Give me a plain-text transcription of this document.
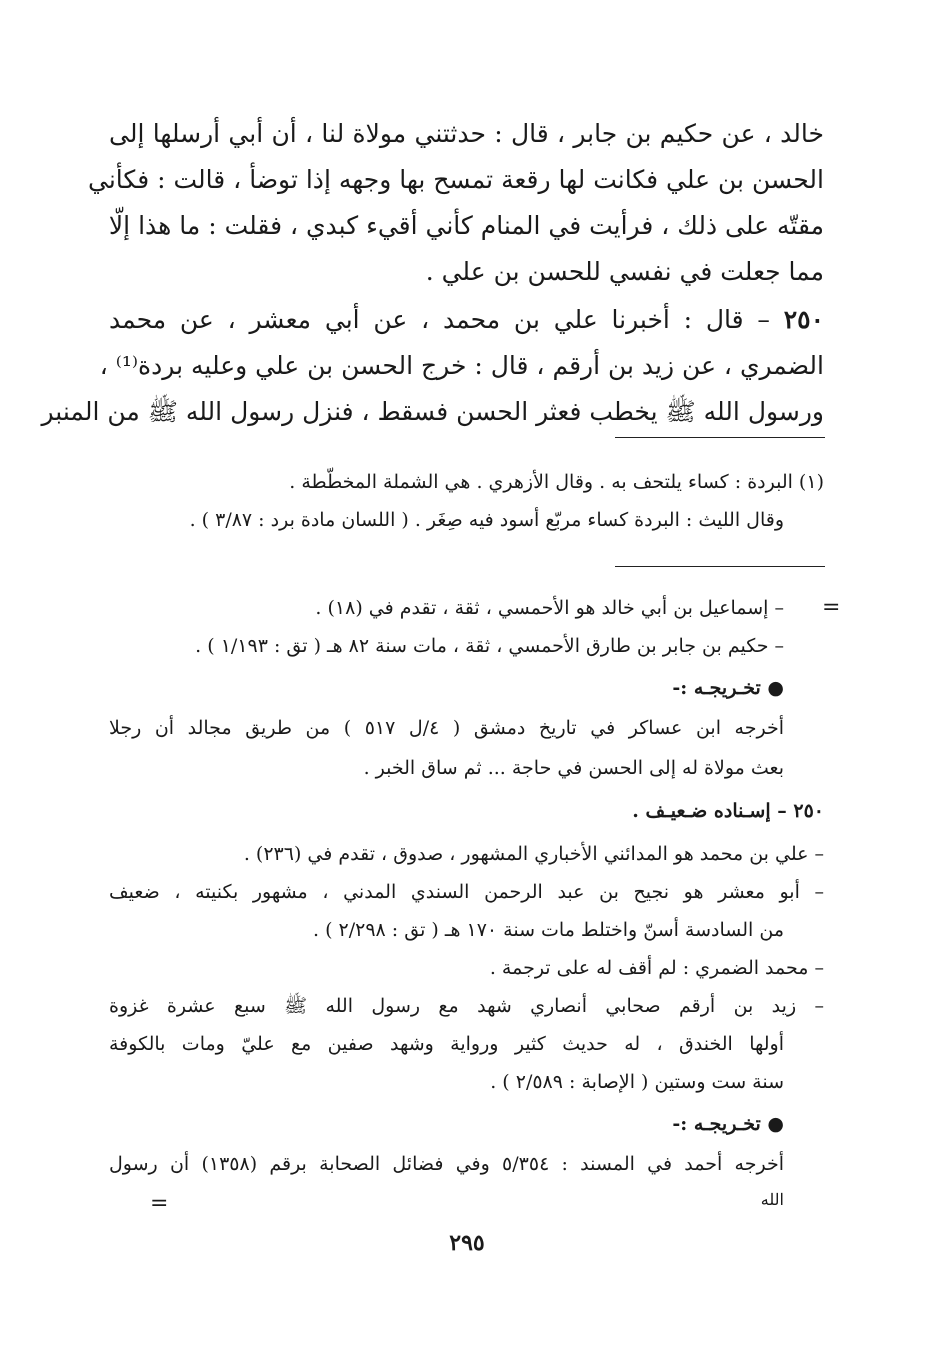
خالد ، عن حكيم بن جابر ، قال : حدثتني مولاة لنا ، أن أبي أرسلها إلى
الحسن بن علي فكانت لها رقعة تمسح بها وجهه إذا توضأ ، قالت : فكأني
مقتّه على ذلك ، فرأيت في المنام كأني أقيء كبدي ، فقلت : ما هذا إلّا
مما جعلت في نفسي للحسن بن علي .
٢٥٠ – قال : أخبرنا علي بن محمد ، عن أبي معشر ، عن محمد
الضمري ، عن زيد بن أرقم ، قال : خرج الحسن بن علي وعليه بردة⁽¹⁾ ،
ورسول الله ﷺ يخطب فعثر الحسن فسقط ، فنزل رسول الله ﷺ من المنبر
(١) البردة : كساء يلتحف به . وقال الأزهري . هي الشملة المخطّطة .
وقال الليث : البردة كساء مربّع أسود فيه صِغَر . ( اللسان مادة برد : ٣/٨٧ ) .
=
– إسماعيل بن أبي خالد هو الأحمسي ، ثقة ، تقدم في (١٨) .
– حكيم بن جابر بن طارق الأحمسي ، ثقة ، مات سنة ٨٢ هـ ( تق : ١/١٩٣ ) .
● تخـريجـه :-
أخرجه ابن عساكر في تاريخ دمشق ( ٤/ل ٥١٧ ) من طريق مجالد أن رجلا
بعث مولاة له إلى الحسن في حاجة ... ثم ساق الخبر .
٢٥٠ – إسـناده ضـعيـف .
– علي بن محمد هو المدائني الأخباري المشهور ، صدوق ، تقدم في (٢٣٦) .
– أبو معشر هو نجيح بن عبد الرحمن السندي المدني ، مشهور بكنيته ، ضعيف
من السادسة أسنّ واختلط مات سنة ١٧٠ هـ ( تق : ٢/٢٩٨ ) .
– محمد الضمري : لم أقف له على ترجمة .
– زيد بن أرقم صحابي أنصاري شهد مع رسول الله ﷺ سبع عشرة غزوة
أولها الخندق ، له حديث كثير ورواية وشهد صفين مع عليّ ومات بالكوفة
سنة ست وستين ( الإصابة : ٢/٥٨٩ ) .
● تخـريجـه :-
أخرجه أحمد في المسند : ٥/٣٥٤ وفي فضائل الصحابة برقم (١٣٥٨) أن رسول
الله
=
٢٩٥
